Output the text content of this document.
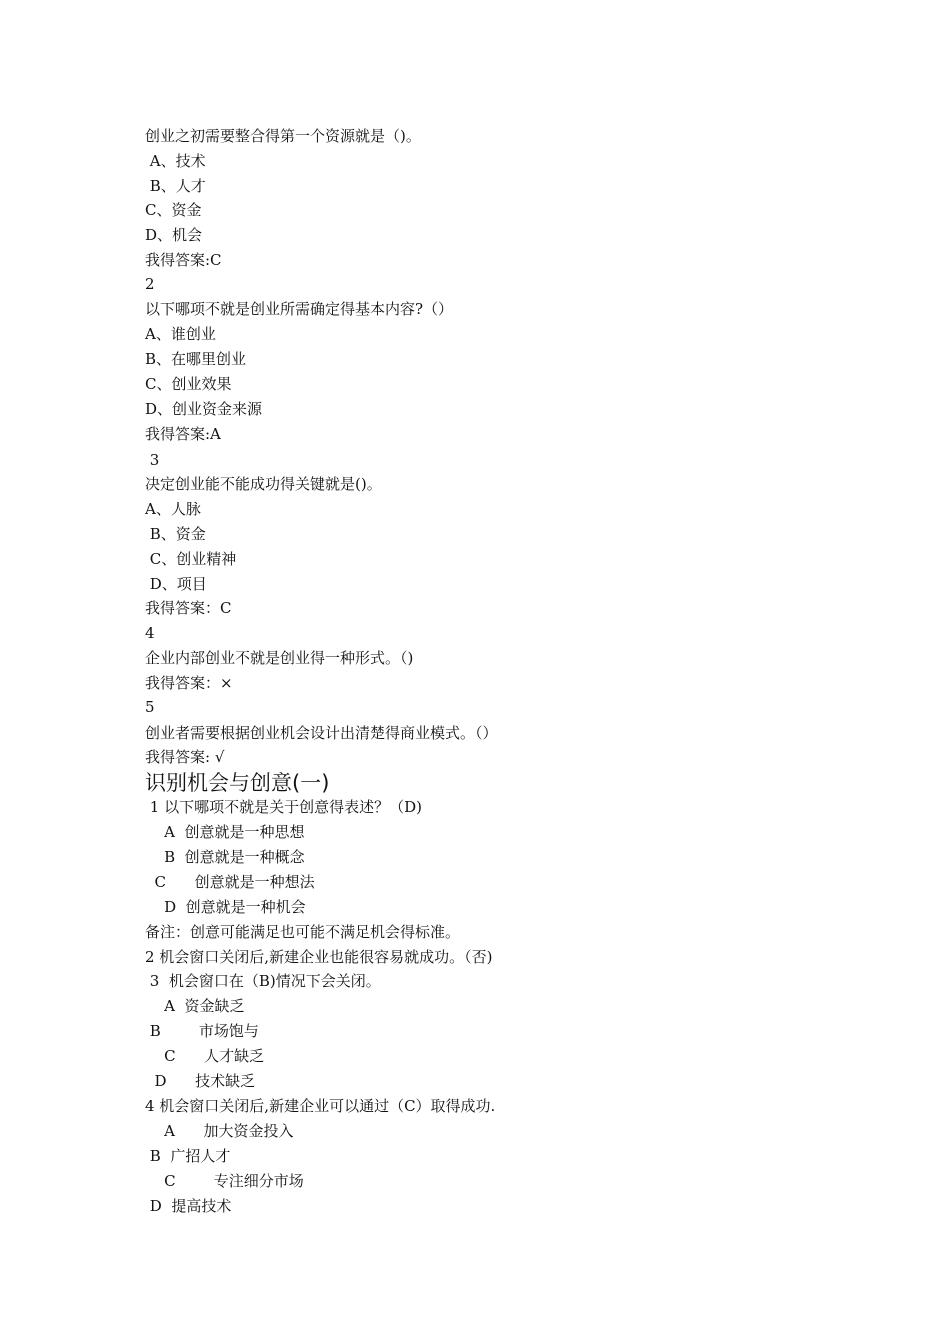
创业之初需要整合得第一个资源就是（)。
A、技术
B、人才
C、资金
D、机会
我得答案:C
2
以下哪项不就是创业所需确定得基本内容?（）
A、谁创业
B、在哪里创业
C、创业效果
D、创业资金来源
我得答案:A
3
决定创业能不能成功得关键就是()。
A、人脉
B、资金
C、创业精神
D、项目
我得答案：C
4
企业内部创业不就是创业得一种形式。（)
我得答案：×
5
创业者需要根据创业机会设计出清楚得商业模式。（）
我得答案: √
识别机会与创意(一)
1 以下哪项不就是关于创意得表述？（D)
A  创意就是一种思想
B  创意就是一种概念
C      创意就是一种想法
D  创意就是一种机会
备注：创意可能满足也可能不满足机会得标准。
2 机会窗口关闭后,新建企业也能很容易就成功。（否)
3  机会窗口在（B)情况下会关闭。
A  资金缺乏
B        市场饱与
C      人才缺乏
D      技术缺乏
4 机会窗口关闭后,新建企业可以通过（C）取得成功.
A      加大资金投入
B  广招人才
C        专注细分市场
D  提高技术
